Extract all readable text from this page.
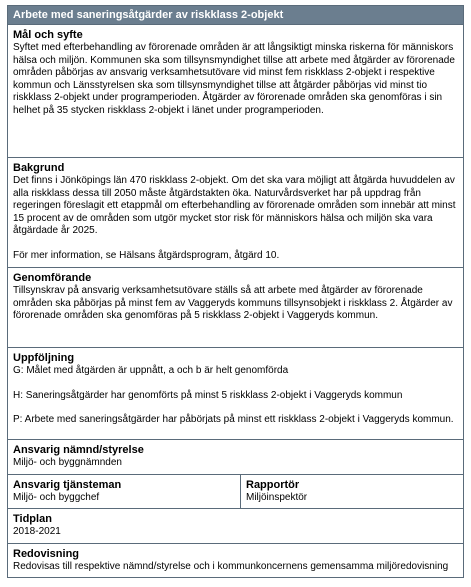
Arbete med saneringsåtgärder av riskklass 2-objekt
Mål och syfte

Syftet med efterbehandling av förorenade områden är att långsiktigt minska riskerna för människors hälsa och miljön. Kommunen ska som tillsynsmyndighet tillse att arbete med åtgärder av förorenade områden påbörjas av ansvarig verksamhetsutövare vid minst fem riskklass 2-objekt i respektive kommun och Länsstyrelsen ska som tillsynsmyndighet tillse att åtgärder påbörjas vid minst tio riskklass 2-objekt under programperioden. Åtgärder av förorenade områden ska genomföras i sin helhet på 35 stycken riskklass 2-objekt i länet under programperioden.

Bakgrund

Det finns i Jönköpings län 470 riskklass 2-objekt. Om det ska vara möjligt att åtgärda huvuddelen av alla riskklass dessa till 2050 måste åtgärdstakten öka. Naturvårdsverket har på uppdrag från regeringen föreslagit ett etappmål om efterbehandling av förorenade områden som innebär att minst 15 procent av de områden som utgör mycket stor risk för människors hälsa och miljön ska vara åtgärdade år 2025.

För mer information, se Hälsans åtgärdsprogram, åtgärd 10.

Genomförande

Tillsynskrav på ansvarig verksamhetsutövare ställs så att arbete med åtgärder av förorenade områden ska påbörjas på minst fem av Vaggeryds kommuns tillsynsobjekt i riskklass 2. Åtgärder av förorenade områden ska genomföras på 5 riskklass 2-objekt i Vaggeryds kommun.

Uppföljning

G: Målet med åtgärden är uppnått, a och b är helt genomförda

H: Saneringsåtgärder har genomförts på minst 5 riskklass 2-objekt i Vaggeryds kommun

P: Arbete med saneringsåtgärder har påbörjats på minst ett riskklass 2-objekt i Vaggeryds kommun.

Ansvarig nämnd/styrelse

Miljö- och byggnämnden

Ansvarig tjänsteman

Miljö- och byggchef

Rapportör

Miljöinspektör

Tidplan

2018-2021

Redovisning

Redovisas till respektive nämnd/styrelse och i kommunkoncernens gemensamma miljöredovisning
